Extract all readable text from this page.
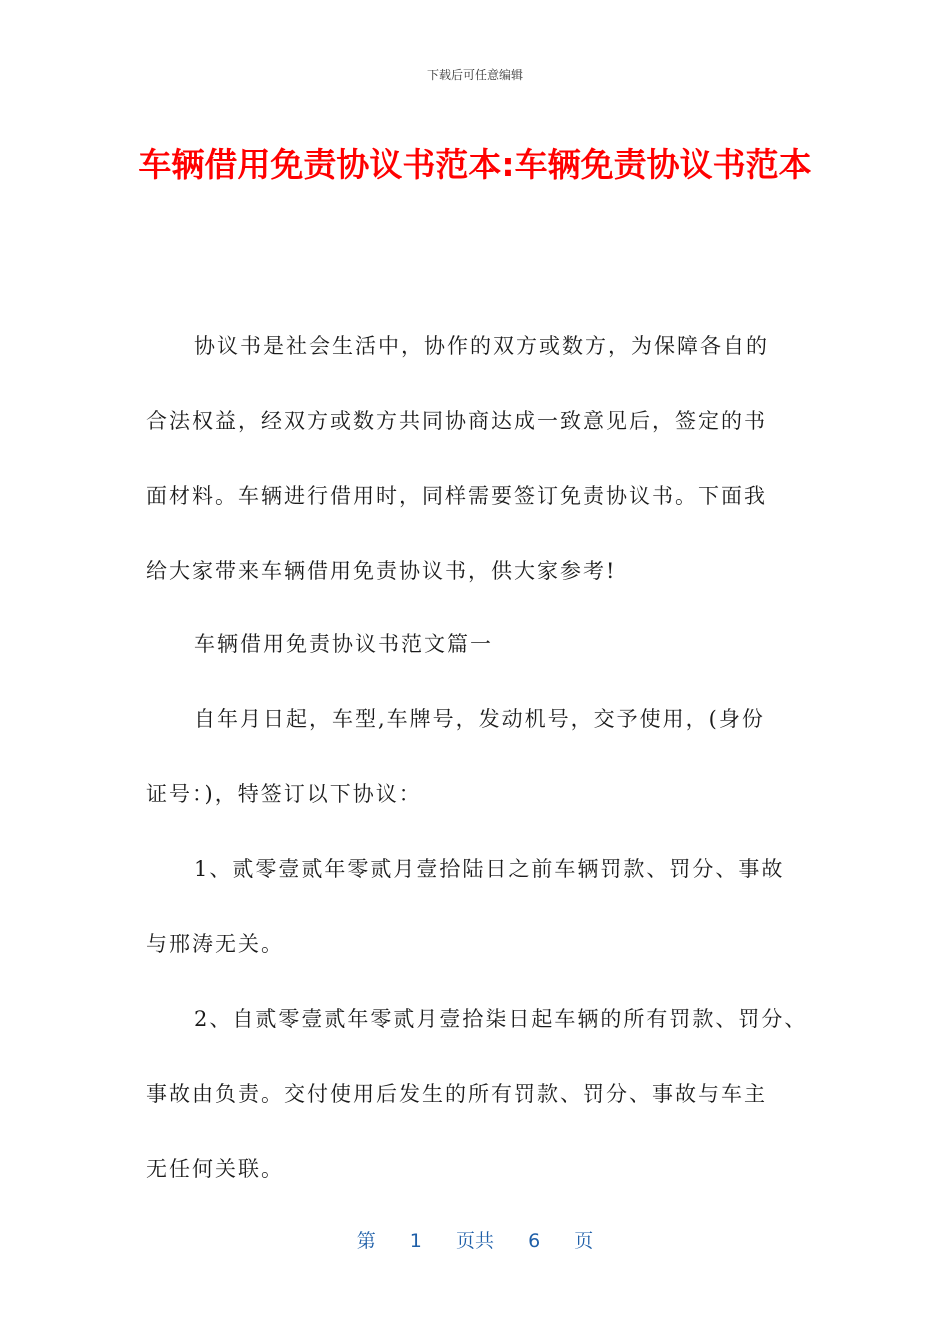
下载后可任意编辑
车辆借用免责协议书范本:车辆免责协议书范本
协议书是社会生活中，协作的双方或数方，为保障各自的
合法权益，经双方或数方共同协商达成一致意见后，签定的书
面材料。车辆进行借用时，同样需要签订免责协议书。下面我
给大家带来车辆借用免责协议书，供大家参考!
车辆借用免责协议书范文篇一
自年月日起，车型,车牌号，发动机号，交予使用，(身份
证号：)，特签订以下协议：
1、贰零壹贰年零贰月壹拾陆日之前车辆罚款、罚分、事故
与邢涛无关。
2、自贰零壹贰年零贰月壹拾柒日起车辆的所有罚款、罚分、
事故由负责。交付使用后发生的所有罚款、罚分、事故与车主
无任何关联。
第 1 页共 6 页
